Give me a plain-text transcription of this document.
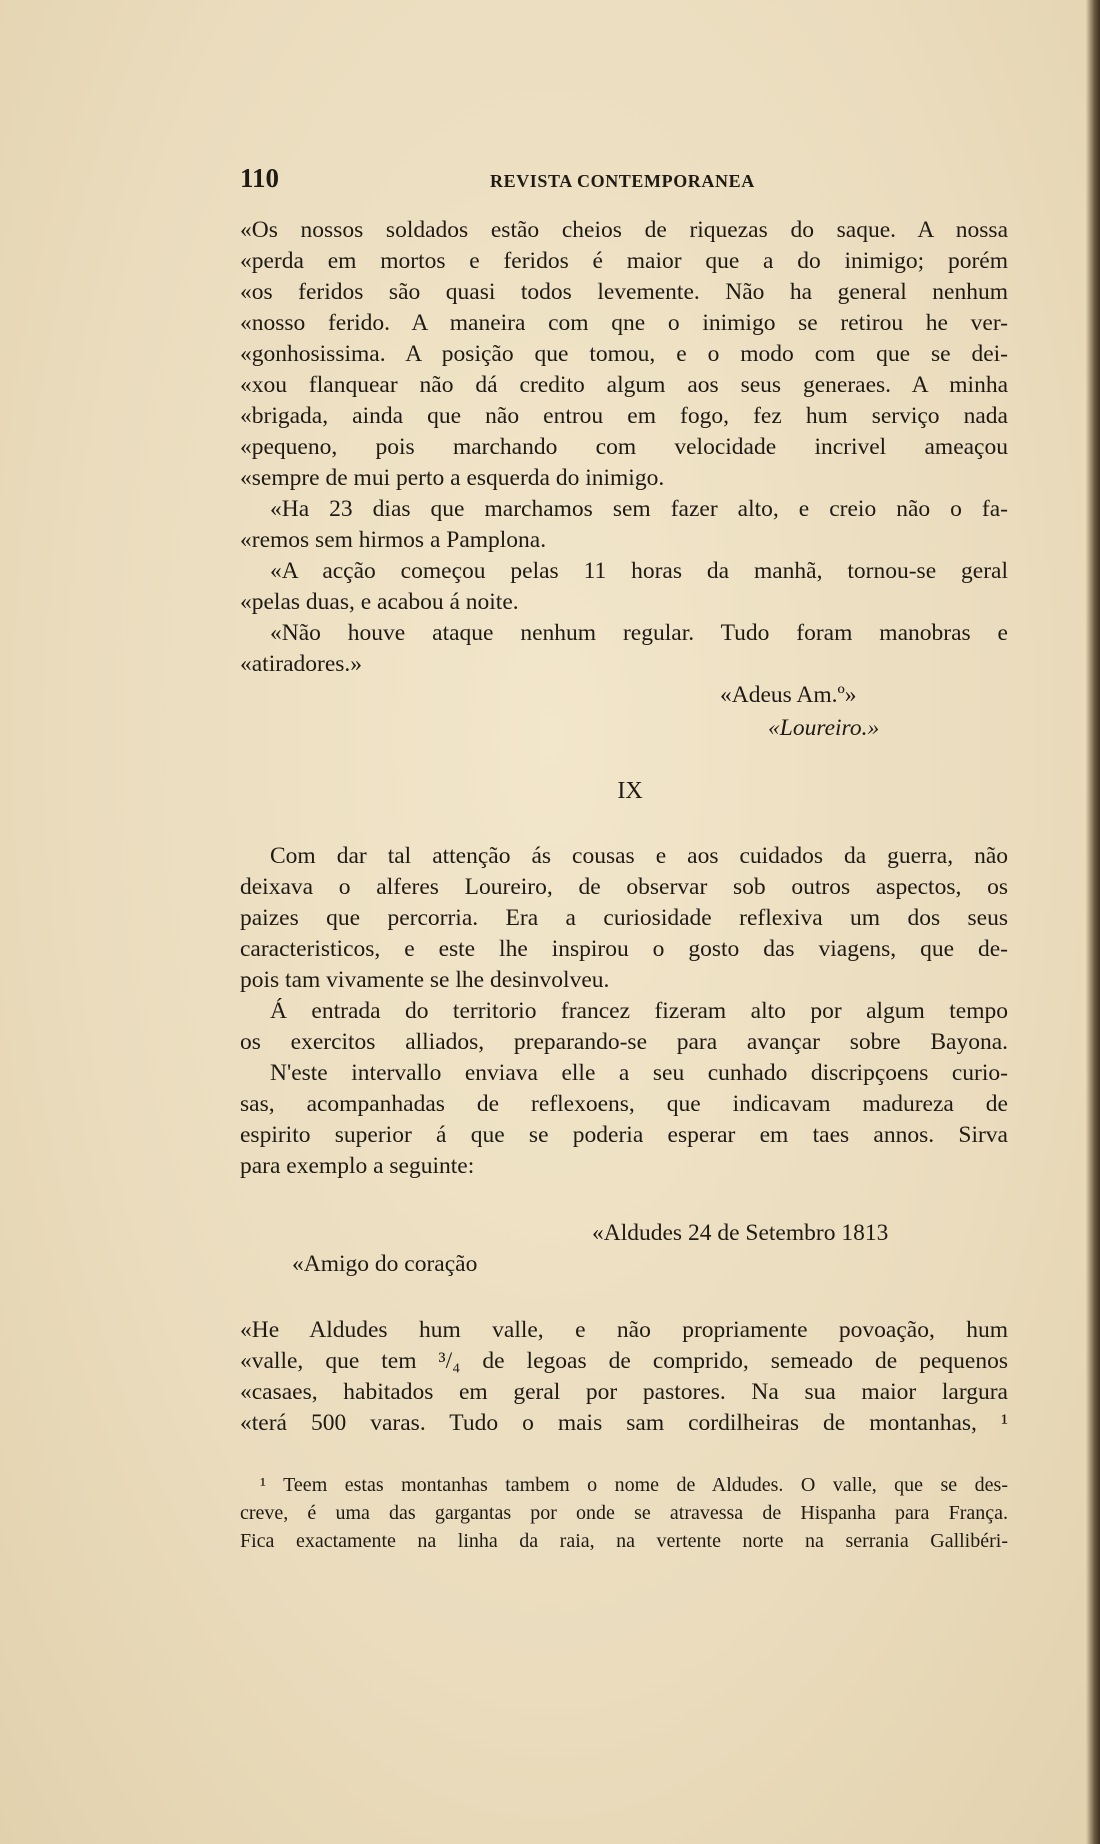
110	REVISTA CONTEMPORANEA
«Os nossos soldados estão cheios de riquezas do saque. A nossa
«perda em mortos e feridos é maior que a do inimigo; porém
«os feridos são quasi todos levemente. Não ha general nenhum
«nosso ferido. A maneira com qne o inimigo se retirou he ver-
«gonhosissima. A posição que tomou, e o modo com que se dei-
«xou flanquear não dá credito algum aos seus generaes. A minha
«brigada, ainda que não entrou em fogo, fez hum serviço nada
«pequeno, pois marchando com velocidade incrivel ameaçou
«sempre de mui perto a esquerda do inimigo.
«Ha 23 dias que marchamos sem fazer alto, e creio não o fa-
«remos sem hirmos a Pamplona.
«A acção começou pelas 11 horas da manhã, tornou-se geral
«pelas duas, e acabou á noite.
«Não houve ataque nenhum regular. Tudo foram manobras e
«atiradores.»
«Adeus Am.º»
«Loureiro.»
IX
Com dar tal attenção ás cousas e aos cuidados da guerra, não
deixava o alferes Loureiro, de observar sob outros aspectos, os
paizes que percorria. Era a curiosidade reflexiva um dos seus
caracteristicos, e este lhe inspirou o gosto das viagens, que de-
pois tam vivamente se lhe desinvolveu.
Á entrada do territorio francez fizeram alto por algum tempo
os exercitos alliados, preparando-se para avançar sobre Bayona.
N'este intervallo enviava elle a seu cunhado discripçoens curio-
sas, acompanhadas de reflexoens, que indicavam madureza de
espirito superior á que se poderia esperar em taes annos. Sirva
para exemplo a seguinte:
«Aldudes 24 de Setembro 1813
«Amigo do coração
«He Aldudes hum valle, e não propriamente povoação, hum
«valle, que tem ³/₄ de legoas de comprido, semeado de pequenos
«casaes, habitados em geral por pastores. Na sua maior largura
«terá 500 varas. Tudo o mais sam cordilheiras de montanhas, ¹
¹ Teem estas montanhas tambem o nome de Aldudes. O valle, que se des-
creve, é uma das gargantas por onde se atravessa de Hispanha para França.
Fica exactamente na linha da raia, na vertente norte na serrania Gallibéri-
